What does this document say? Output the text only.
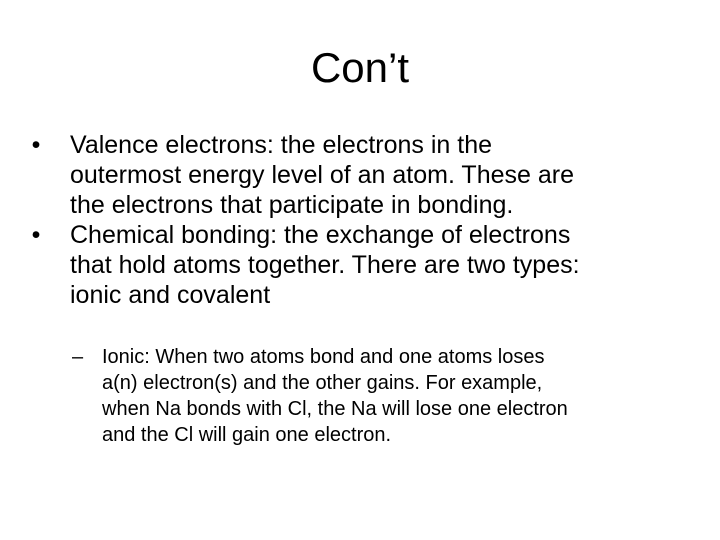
Con’t
• Valence electrons: the electrons in the
outermost energy level of an atom. These are
the electrons that participate in bonding.
• Chemical bonding: the exchange of electrons
that hold atoms together. There are two types:
ionic and covalent
– Ionic: When two atoms bond and one atoms loses
a(n) electron(s) and the other gains. For example,
when Na bonds with Cl, the Na will lose one electron
and the Cl will gain one electron.
